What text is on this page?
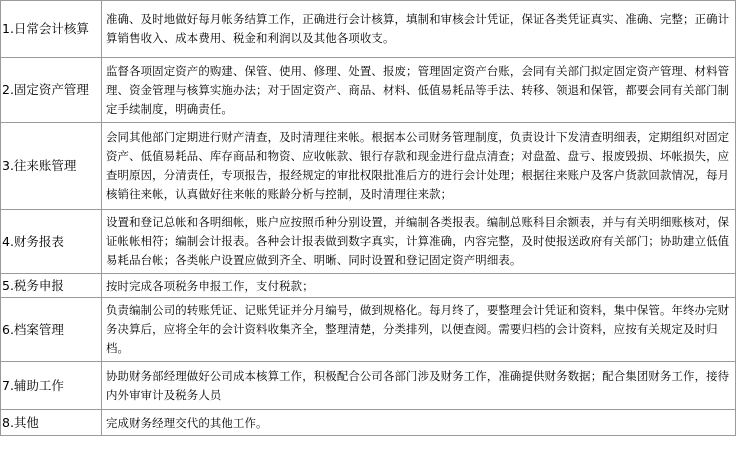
1.日常会计核算	准确、及时地做好每月帐务结算工作，正确进行会计核算，填制和审核会计凭证，保证各类凭证真实、准确、完整；正确计算销售收入、成本费用、税金和利润以及其他各项收支。
2.固定资产管理	监督各项固定资产的购建、保管、使用、修理、处置、报废；管理固定资产台账，会同有关部门拟定固定资产管理、材料管理、资金管理与核算实施办法；对于固定资产、商品、材料、低值易耗品等手法、转移、领退和保管，都要会同有关部门制定手续制度，明确责任。
3.往来账管理	会同其他部门定期进行财产清查，及时清理往来帐。根据本公司财务管理制度，负责设计下发清查明细表，定期组织对固定资产、低值易耗品、库存商品和物资、应收帐款、银行存款和现金进行盘点清查；对盘盈、盘亏、报废毁损、坏帐损失，应查明原因，分清责任，专项报告，报经规定的审批权限批准后方的进行会计处理；根据往来账户及客户货款回款情况，每月核销往来帐，认真做好往来帐的账龄分析与控制，及时清理往来款；
4.财务报表	设置和登记总帐和各明细帐，账户应按照币种分别设置，并编制各类报表。编制总账科目余额表，并与有关明细账核对，保证帐帐相符；编制会计报表。各种会计报表做到数字真实，计算准确，内容完整，及时使报送政府有关部门；协助建立低值易耗品台帐；各类帐户设置应做到齐全、明晰、同时设置和登记固定资产明细表。
5.税务申报	按时完成各项税务申报工作，支付税款；
6.档案管理	负责编制公司的转账凭证、记账凭证并分月编号，做到规格化。每月终了，要整理会计凭证和资料，集中保管。年终办完财务决算后，应将全年的会计资料收集齐全，整理清楚，分类排列，以便查阅。需要归档的会计资料，应按有关规定及时归档。
7.辅助工作	协助财务部经理做好公司成本核算工作，积极配合公司各部门涉及财务工作，准确提供财务数据；配合集团财务工作，接待内外审审计及税务人员
8.其他	完成财务经理交代的其他工作。
